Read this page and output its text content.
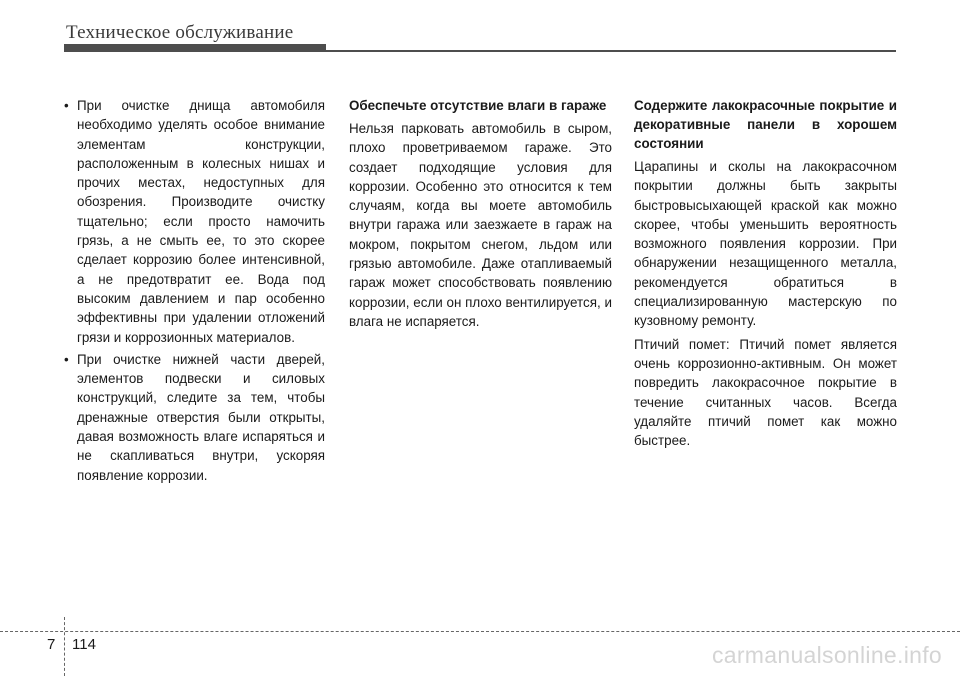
Техническое обслуживание
• При очистке днища автомобиля необходимо уделять особое внимание элементам конструкции, расположенным в колесных нишах и прочих местах, недоступных для обозрения. Производите очистку тщательно; если просто намочить грязь, а не смыть ее, то это скорее сделает коррозию более интенсивной, а не предотвратит ее. Вода под высоким давлением и пар особенно эффективны при удалении отложений грязи и коррозионных материалов.
• При очистке нижней части дверей, элементов подвески и силовых конструкций, следите за тем, чтобы дренажные отверстия были открыты, давая возможность влаге испаряться и не скапливаться внутри, ускоряя появление коррозии.
Обеспечьте отсутствие влаги в гараже

Нельзя парковать автомобиль в сыром, плохо проветриваемом гараже. Это создает подходящие условия для коррозии. Особенно это относится к тем случаям, когда вы моете автомобиль внутри гаража или заезжаете в гараж на мокром, покрытом снегом, льдом или грязью автомобиле. Даже отапливаемый гараж может способствовать появлению коррозии, если он плохо вентилируется, и влага не испаряется.

Содержите лакокрасочные покрытие и декоративные панели в хорошем состоянии

Царапины и сколы на лакокрасочном покрытии должны быть закрыты быстровысыхающей краской как можно скорее, чтобы уменьшить вероятность возможного появления коррозии. При обнаружении незащищенного металла, рекомендуется обратиться в специализированную мастерскую по кузовному ремонту.

Птичий помет: Птичий помет является очень коррозионно-активным. Он может повредить лакокрасочное покрытие в течение считанных часов. Всегда удаляйте птичий помет как можно быстрее.

7 114	carmanualsonline.info
